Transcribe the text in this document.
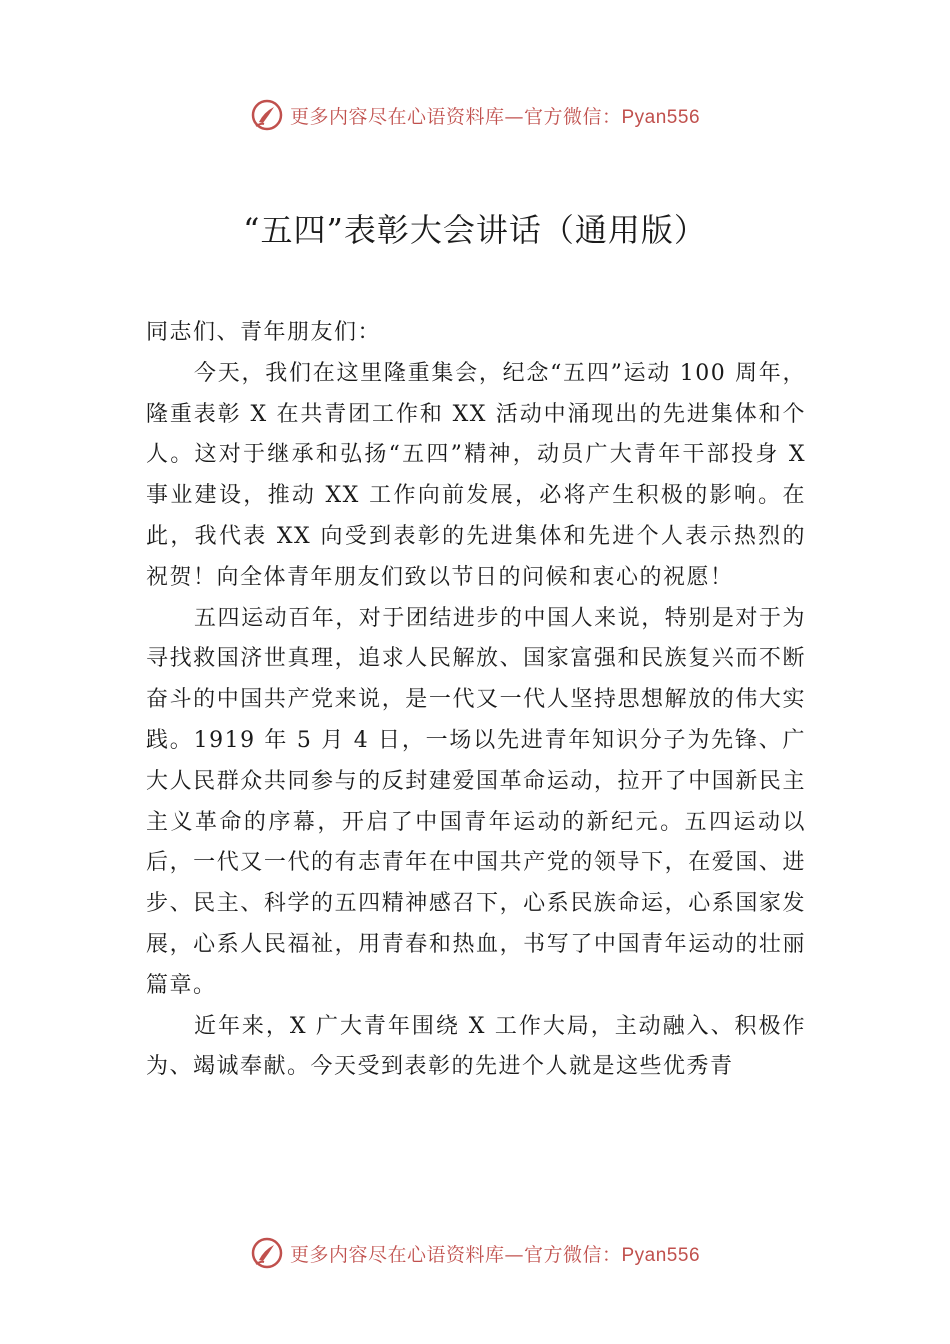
更多内容尽在心语资料库—官方微信：Pyan556
“五四”表彰大会讲话（通用版）

同志们、青年朋友们：

今天，我们在这里隆重集会，纪念“五四”运动 100 周年，隆重表彰 X 在共青团工作和 XX 活动中涌现出的先进集体和个人。这对于继承和弘扬“五四”精神，动员广大青年干部投身 X 事业建设，推动 XX 工作向前发展，必将产生积极的影响。在此，我代表 XX 向受到表彰的先进集体和先进个人表示热烈的祝贺！向全体青年朋友们致以节日的问候和衷心的祝愿！

五四运动百年，对于团结进步的中国人来说，特别是对于为寻找救国济世真理，追求人民解放、国家富强和民族复兴而不断奋斗的中国共产党来说，是一代又一代人坚持思想解放的伟大实践。1919 年 5 月 4 日，一场以先进青年知识分子为先锋、广大人民群众共同参与的反封建爱国革命运动，拉开了中国新民主主义革命的序幕，开启了中国青年运动的新纪元。五四运动以后，一代又一代的有志青年在中国共产党的领导下，在爱国、进步、民主、科学的五四精神感召下，心系民族命运，心系国家发展，心系人民福祉，用青春和热血，书写了中国青年运动的壮丽篇章。

近年来，X 广大青年围绕 X 工作大局，主动融入、积极作为、竭诚奉献。今天受到表彰的先进个人就是这些优秀青

更多内容尽在心语资料库—官方微信：Pyan556
